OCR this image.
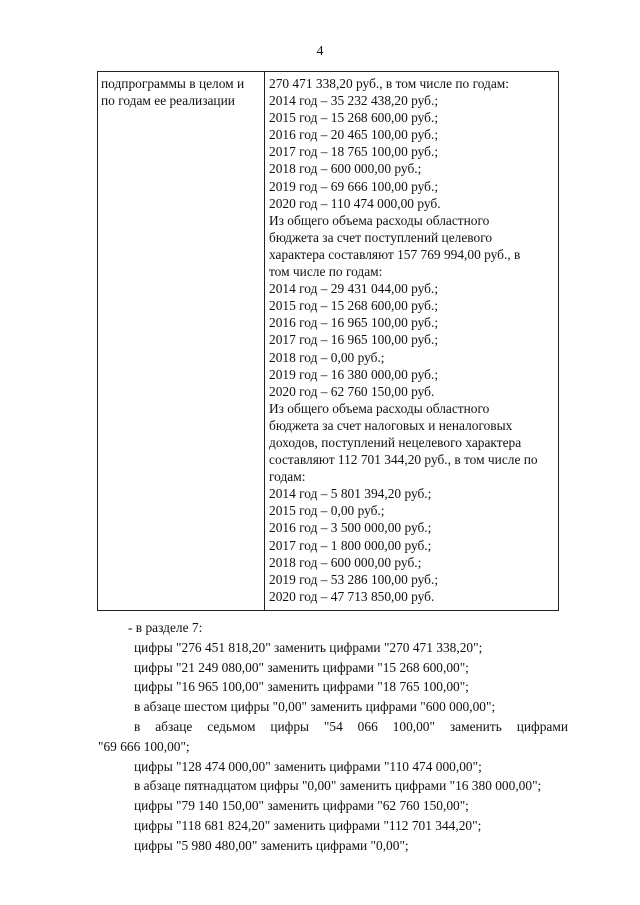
4
подпрограммы в целом и
по годам ее реализации

270 471 338,20 руб., в том числе по годам:
2014 год – 35 232 438,20 руб.;
2015 год – 15 268 600,00 руб.;
2016 год – 20 465 100,00 руб.;
2017 год – 18 765 100,00 руб.;
2018 год – 600 000,00 руб.;
2019 год – 69 666 100,00 руб.;
2020 год – 110 474 000,00 руб.
Из общего объема расходы областного
бюджета за счет поступлений целевого
характера составляют 157 769 994,00 руб., в
том числе по годам:
2014 год – 29 431 044,00 руб.;
2015 год – 15 268 600,00 руб.;
2016 год – 16 965 100,00 руб.;
2017 год – 16 965 100,00 руб.;
2018 год – 0,00 руб.;
2019 год – 16 380 000,00 руб.;
2020 год – 62 760 150,00 руб.
Из общего объема расходы областного
бюджета за счет налоговых и неналоговых
доходов, поступлений нецелевого характера
составляют 112 701 344,20 руб., в том числе по
годам:
2014 год – 5 801 394,20 руб.;
2015 год – 0,00 руб.;
2016 год – 3 500 000,00 руб.;
2017 год – 1 800 000,00 руб.;
2018 год – 600 000,00 руб.;
2019 год – 53 286 100,00 руб.;
2020 год – 47 713 850,00 руб.
- в разделе 7:
цифры "276 451 818,20" заменить цифрами "270 471 338,20";
цифры "21 249 080,00" заменить цифрами "15 268 600,00";
цифры "16 965 100,00" заменить цифрами "18 765 100,00";
в абзаце шестом цифры "0,00" заменить цифрами "600 000,00";
в абзаце седьмом цифры "54 066 100,00" заменить цифрами
"69 666 100,00";
цифры "128 474 000,00" заменить цифрами "110 474 000,00";
в абзаце пятнадцатом цифры "0,00" заменить цифрами "16 380 000,00";
цифры "79 140 150,00" заменить цифрами "62 760 150,00";
цифры "118 681 824,20" заменить цифрами "112 701 344,20";
цифры "5 980 480,00" заменить цифрами "0,00";
